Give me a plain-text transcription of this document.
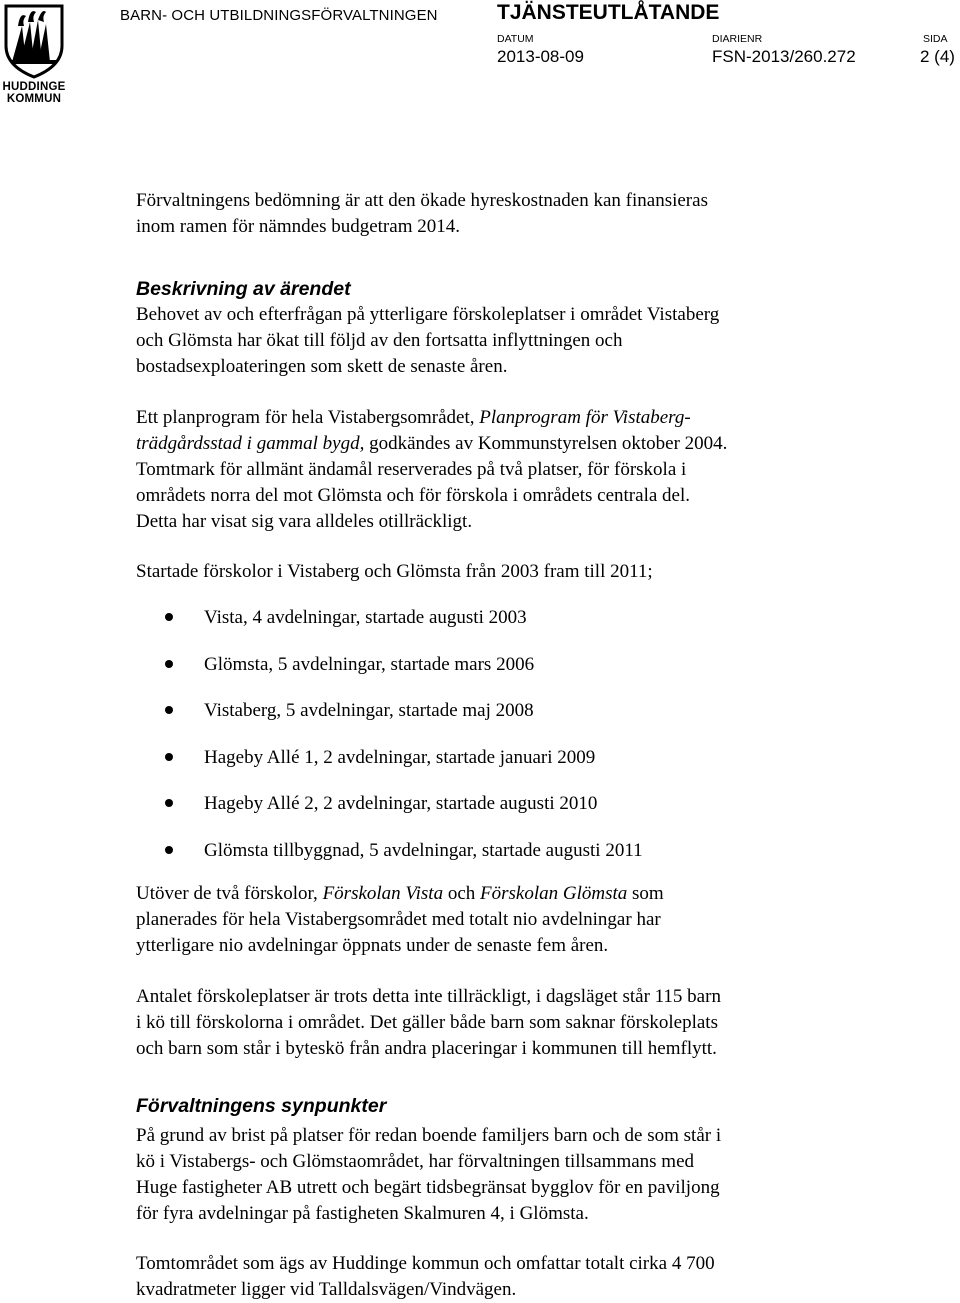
HUDDINGE
KOMMUN
BARN- OCH UTBILDNINGSFÖRVALTNINGEN	TJÄNSTEUTLÅTANDE
DATUM
2013-08-09
DIARIENR
FSN-2013/260.272
SIDA
2 (4)

Förvaltningens bedömning är att den ökade hyreskostnaden kan finansieras
inom ramen för nämndes budgetram 2014.

Beskrivning av ärendet

Behovet av och efterfrågan på ytterligare förskoleplatser i området Vistaberg
och Glömsta har ökat till följd av den fortsatta inflyttningen och
bostadsexploateringen som skett de senaste åren.

Ett planprogram för hela Vistabergsområdet, Planprogram för Vistaberg-
trädgårdsstad i gammal bygd, godkändes av Kommunstyrelsen oktober 2004.
Tomtmark för allmänt ändamål reserverades på två platser, för förskola i
områdets norra del mot Glömsta och för förskola i områdets centrala del.
Detta har visat sig vara alldeles otillräckligt.

Startade förskolor i Vistaberg och Glömsta från 2003 fram till 2011;

Vista, 4 avdelningar, startade augusti 2003
Glömsta, 5 avdelningar, startade mars 2006
Vistaberg, 5 avdelningar, startade maj 2008
Hageby Allé 1, 2 avdelningar, startade januari 2009
Hageby Allé 2, 2 avdelningar, startade augusti 2010
Glömsta tillbyggnad, 5 avdelningar, startade augusti 2011

Utöver de två förskolor, Förskolan Vista och Förskolan Glömsta som
planerades för hela Vistabergsområdet med totalt nio avdelningar har
ytterligare nio avdelningar öppnats under de senaste fem åren.

Antalet förskoleplatser är trots detta inte tillräckligt, i dagsläget står 115 barn
i kö till förskolorna i området. Det gäller både barn som saknar förskoleplats
och barn som står i byteskö från andra placeringar i kommunen till hemflytt.

Förvaltningens synpunkter

På grund av brist på platser för redan boende familjers barn och de som står i
kö i Vistabergs- och Glömstaområdet, har förvaltningen tillsammans med
Huge fastigheter AB utrett och begärt tidsbegränsat bygglov för en paviljong
för fyra avdelningar på fastigheten Skalmuren 4, i Glömsta.

Tomtområdet som ägs av Huddinge kommun och omfattar totalt cirka 4 700
kvadratmeter ligger vid Talldalsvägen/Vindvägen.
